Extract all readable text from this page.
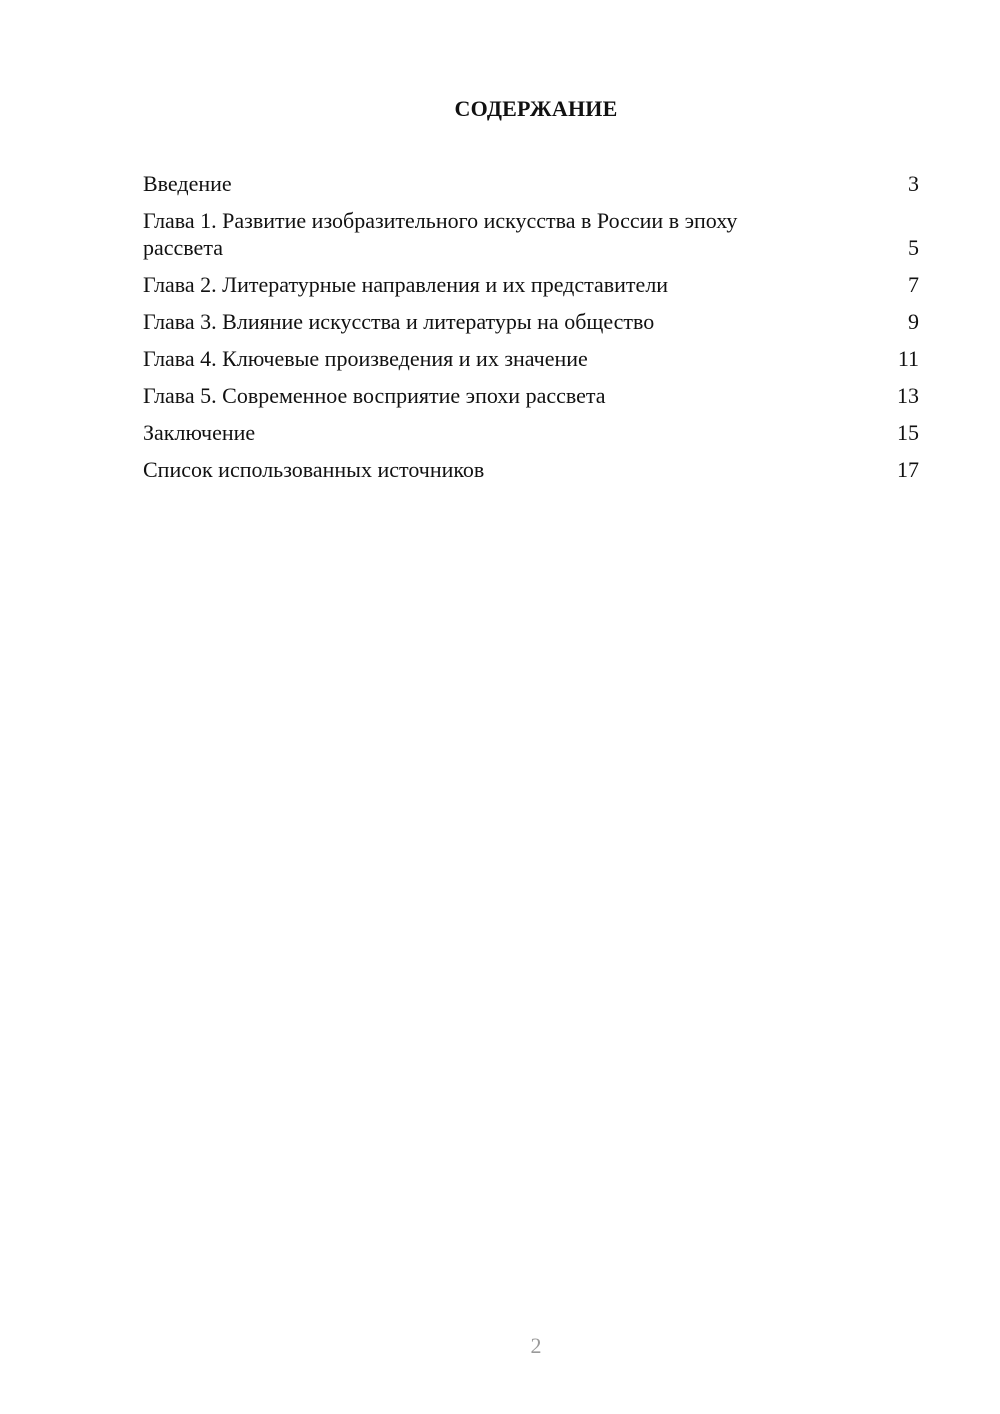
СОДЕРЖАНИЕ
Введение	3
Глава 1. Развитие изобразительного искусства в России в эпоху рассвета	5
Глава 2. Литературные направления и их представители	7
Глава 3. Влияние искусства и литературы на общество	9
Глава 4. Ключевые произведения и их значение	11
Глава 5. Современное восприятие эпохи рассвета	13
Заключение	15
Список использованных источников	17
2
